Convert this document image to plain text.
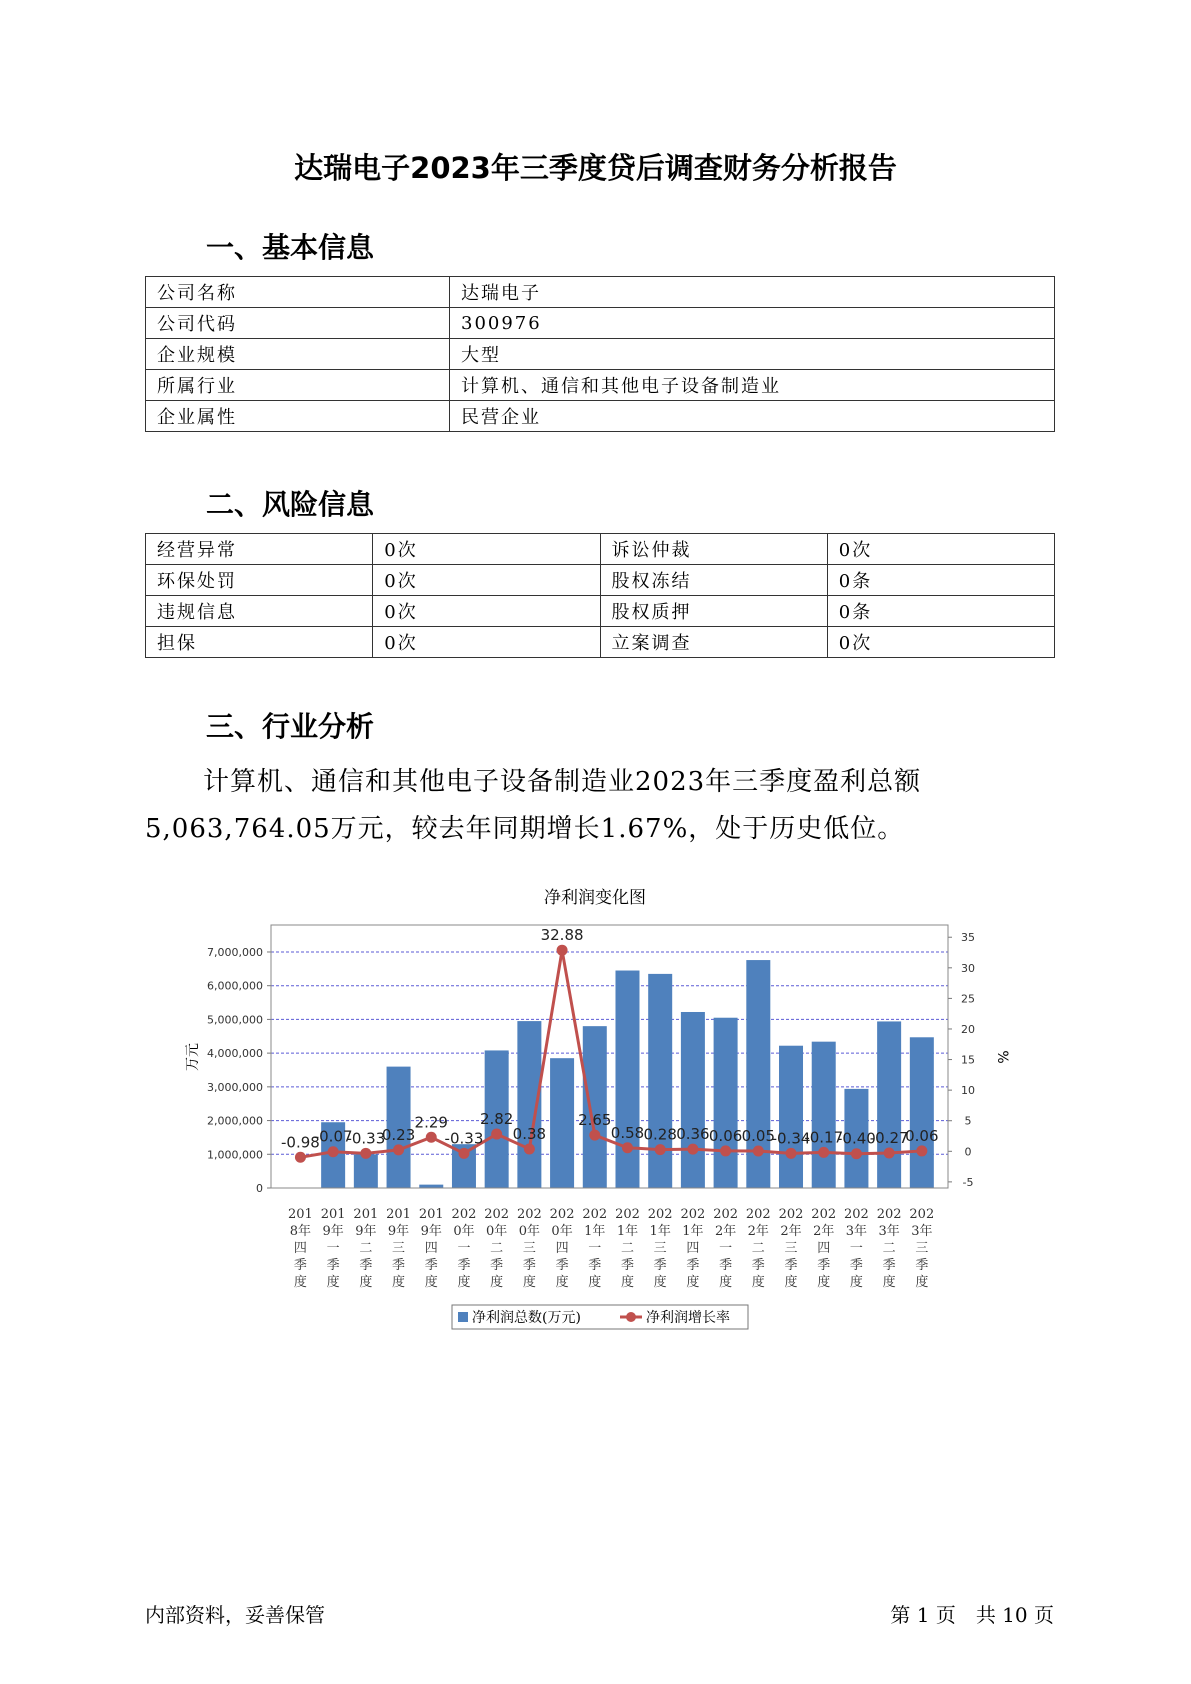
达瑞电子2023年三季度贷后调查财务分析报告
一、基本信息
公司名称	达瑞电子
公司代码	300976
企业规模	大型
所属行业	计算机、通信和其他电子设备制造业
企业属性	民营企业
二、风险信息
经营异常	0次	诉讼仲裁	0次
环保处罚	0次	股权冻结	0条
违规信息	0次	股权质押	0条
担保	0次	立案调查	0次
三、行业分析
计算机、通信和其他电子设备制造业2023年三季度盈利总额
5,063,764.05万元，较去年同期增长1.67%，处于历史低位。
净利润变化图
0
1,000,000
2,000,000
3,000,000
4,000,000
5,000,000
6,000,000
7,000,000
-5
0
5
10
15
20
25
30
35
万元	%
-0.98
-0.07
-0.33
0.23
2.29
-0.33
2.82
0.38
32.88
2.65
0.58 0.28 0.36 0.06 0.05
-0.34
-0.17
-0.40
-0.27
0.06
201
8年
四
季
度
201
9年
一
季
度
201
9年
二
季
度
201
9年
三
季
度
201
9年
四
季
度
202
0年
一
季
度
202
0年
二
季
度
202
0年
三
季
度
202
0年
四
季
度
202
1年
一
季
度
202
1年
二
季
度
202
1年
三
季
度
202
1年
四
季
度
202
2年
一
季
度
202
2年
二
季
度
202
2年
三
季
度
202
2年
四
季
度
202
3年
一
季
度
202
3年
二
季
度
202
3年
三
季
度
净利润总数(万元)	净利润增长率
内部资料，妥善保管	第 1 页　共 10 页
